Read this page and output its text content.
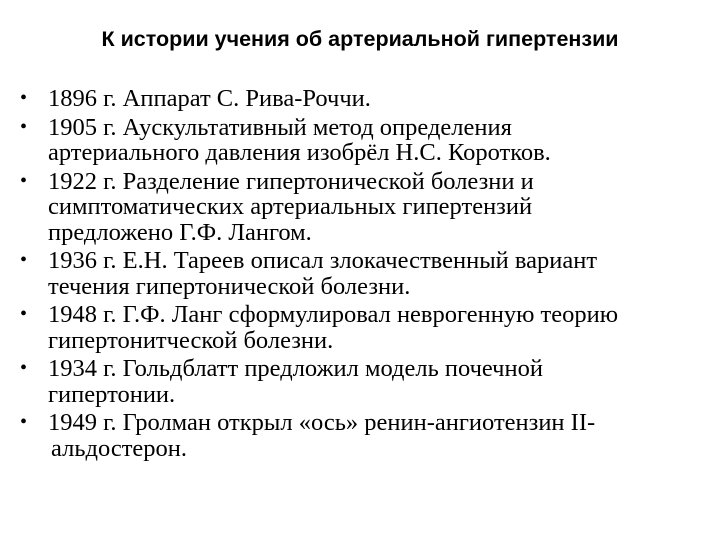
К истории учения об артериальной гипертензии
• 1896 г. Аппарат С. Рива-Роччи.
• 1905 г. Аускультативный метод определения
артериального давления изобрёл Н.С. Коротков.
• 1922 г. Разделение гипертонической болезни и
симптоматических артериальных гипертензий
предложено Г.Ф. Лангом.
• 1936 г. Е.Н. Тареев описал злокачественный вариант
течения гипертонической болезни.
• 1948 г. Г.Ф. Ланг сформулировал неврогенную теорию
гипертонитческой болезни.
• 1934 г. Гольдблатт предложил модель почечной
гипертонии.
• 1949 г. Гролман открыл «ось» ренин-ангиотензин II-
альдостерон.
